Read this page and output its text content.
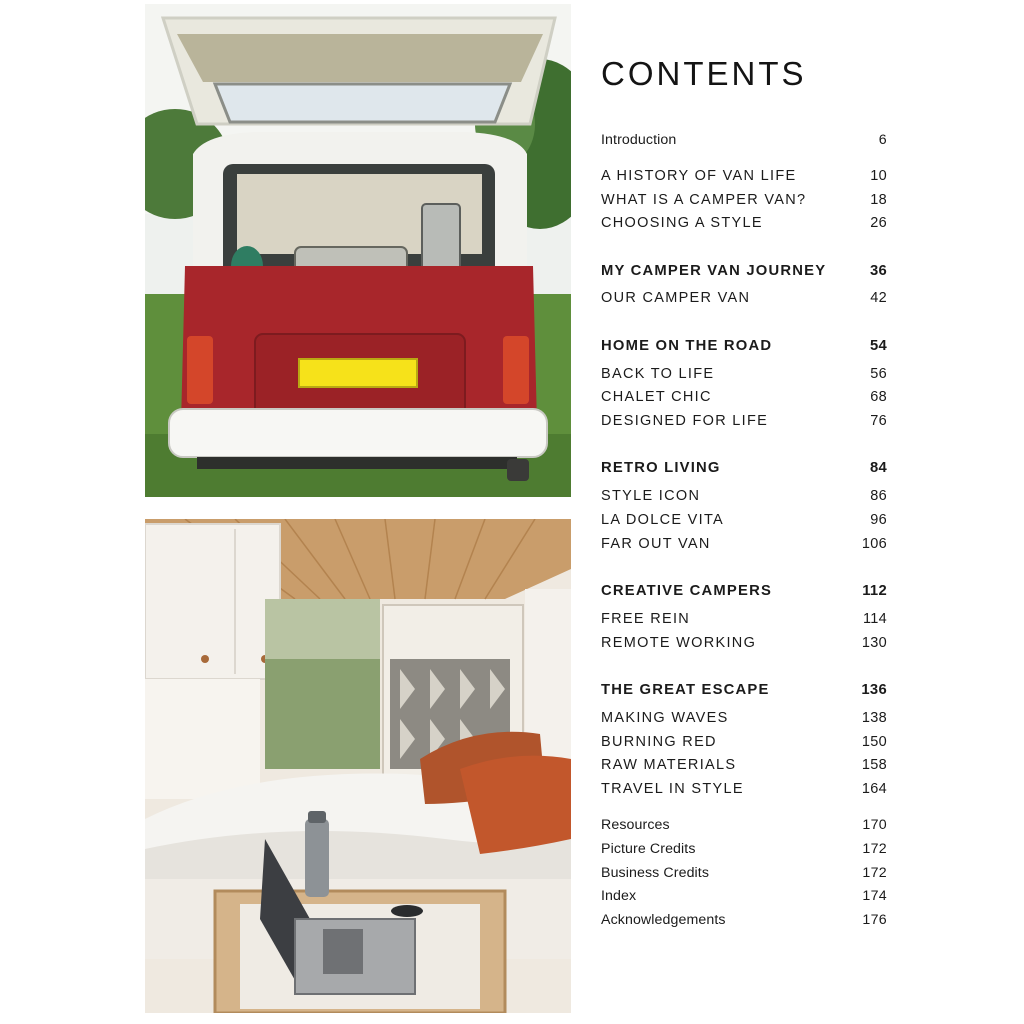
CONTENTS
Introduction	6
A HISTORY OF VAN LIFE	10
WHAT IS A CAMPER VAN?	18
CHOOSING A STYLE	26
MY CAMPER VAN JOURNEY	36
OUR CAMPER VAN	42
HOME ON THE ROAD	54
BACK TO LIFE	56
CHALET CHIC	68
DESIGNED FOR LIFE	76
RETRO LIVING	84
STYLE ICON	86
LA DOLCE VITA	96
FAR OUT VAN	106
CREATIVE CAMPERS	112
FREE REIN	114
REMOTE WORKING	130
THE GREAT ESCAPE	136
MAKING WAVES	138
BURNING RED	150
RAW MATERIALS	158
TRAVEL IN STYLE	164
Resources	170
Picture Credits	172
Business Credits	172
Index	174
Acknowledgements	176
